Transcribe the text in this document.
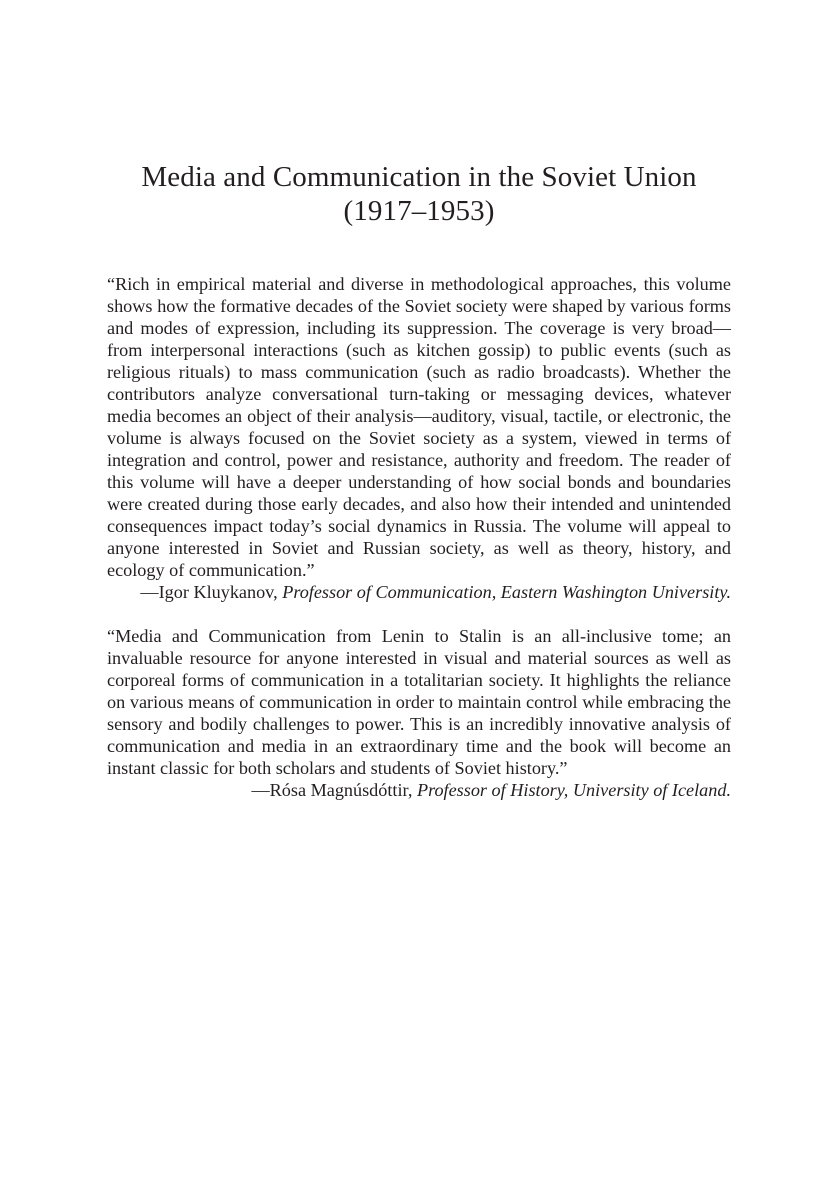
Media and Communication in the Soviet Union
(1917–1953)

“Rich in empirical material and diverse in methodological approaches, this volume shows how the formative decades of the Soviet society were shaped by various forms and modes of expression, including its suppression. The coverage is very broad—from interpersonal interactions (such as kitchen gossip) to public events (such as religious rituals) to mass communication (such as radio broadcasts). Whether the contributors analyze conversational turn-taking or messaging devices, whatever media becomes an object of their analysis—auditory, visual, tactile, or electronic, the volume is always focused on the Soviet society as a system, viewed in terms of integration and control, power and resistance, authority and freedom. The reader of this volume will have a deeper understanding of how social bonds and boundaries were created during those early decades, and also how their intended and unintended consequences impact today’s social dynamics in Russia. The volume will appeal to anyone interested in Soviet and Russian society, as well as theory, history, and ecology of communication.”

—Igor Kluykanov, Professor of Communication, Eastern Washington University.

“Media and Communication from Lenin to Stalin is an all-inclusive tome; an invaluable resource for anyone interested in visual and material sources as well as corporeal forms of communication in a totalitarian society. It highlights the reliance on various means of communication in order to maintain control while embracing the sensory and bodily challenges to power. This is an incredibly innovative analysis of communication and media in an extraordinary time and the book will become an instant classic for both scholars and students of Soviet history.”

—Rósa Magnúsdóttir, Professor of History, University of Iceland.
